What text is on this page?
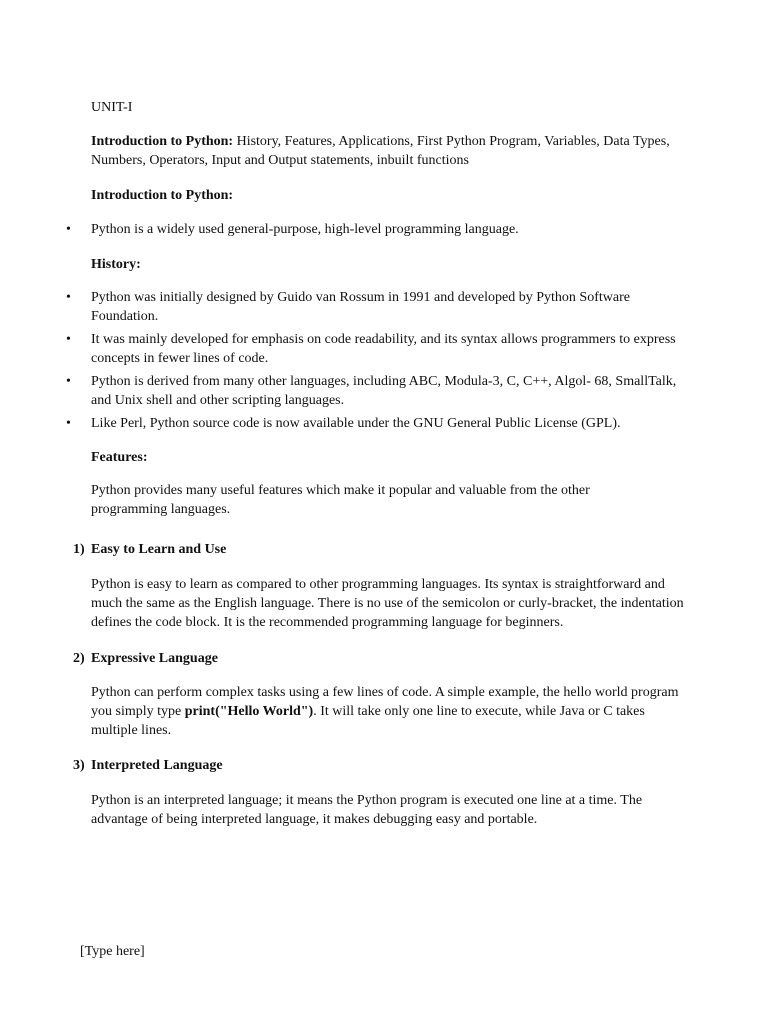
UNIT-I

Introduction to Python: History, Features, Applications, First Python Program, Variables, Data Types, Numbers, Operators, Input and Output statements, inbuilt functions

Introduction to Python:
• Python is a widely used general-purpose, high-level programming language.

History:
• Python was initially designed by Guido van Rossum in 1991 and developed by Python Software Foundation.

• It was mainly developed for emphasis on code readability, and its syntax allows programmers to express concepts in fewer lines of code.

• Python is derived from many other languages, including ABC, Modula-3, C, C++, Algol- 68, SmallTalk, and Unix shell and other scripting languages.

• Like Perl, Python source code is now available under the GNU General Public License (GPL).

Features:

Python provides many useful features which make it popular and valuable from the other programming languages.

1) Easy to Learn and Use

Python is easy to learn as compared to other programming languages. Its syntax is straightforward and much the same as the English language. There is no use of the semicolon or curly-bracket, the indentation defines the code block. It is the recommended programming language for beginners.

2) Expressive Language

Python can perform complex tasks using a few lines of code. A simple example, the hello world program you simply type print("Hello World"). It will take only one line to execute, while Java or C takes multiple lines.

3) Interpreted Language

Python is an interpreted language; it means the Python program is executed one line at a time. The advantage of being interpreted language, it makes debugging easy and portable.

[Type here]
